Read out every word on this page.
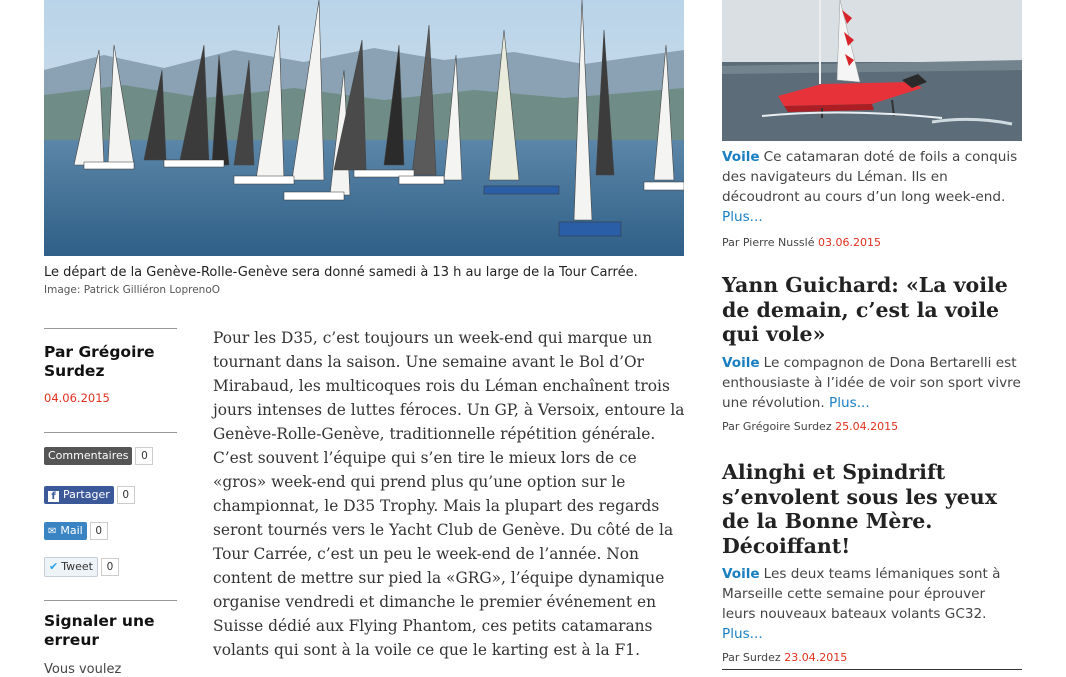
Le départ de la Genève-Rolle-Genève sera donné samedi à 13 h au large de la Tour Carrée.
Image: Patrick Gilliéron LoprenoO
Par Grégoire Surdez
04.06.2015
Commentaires 0
f Partager 0
✉ Mail 0
✔ Tweet 0
Signaler une erreur
Vous voulez

Pour les D35, c’est toujours un week-end qui marque un tournant dans la saison. Une semaine avant le Bol d’Or Mirabaud, les multicoques rois du Léman enchaînent trois jours intenses de luttes féroces. Un GP, à Versoix, entoure la Genève-Rolle-Genève, traditionnelle répétition générale. C’est souvent l’équipe qui s’en tire le mieux lors de ce «gros» week-end qui prend plus qu’une option sur le championnat, le D35 Trophy. Mais la plupart des regards seront tournés vers le Yacht Club de Genève. Du côté de la Tour Carrée, c’est un peu le week-end de l’année. Non content de mettre sur pied la «GRG», l’équipe dynamique organise vendredi et dimanche le premier événement en Suisse dédié aux Flying Phantom, ces petits catamarans volants qui sont à la voile ce que le karting est à la F1.

Voile Ce catamaran doté de foils a conquis des navigateurs du Léman. Ils en découdront au cours d’un long week-end.
Plus...

Par Pierre Nusslé 03.06.2015
Yann Guichard: «La voile de demain, c’est la voile qui vole»

Voile Le compagnon de Dona Bertarelli est enthousiaste à l’idée de voir son sport vivre une révolution. Plus...

Par Grégoire Surdez 25.04.2015
Alinghi et Spindrift s’envolent sous les yeux de la Bonne Mère. Décoiffant!

Voile Les deux teams lémaniques sont à Marseille cette semaine pour éprouver leurs nouveaux bateaux volants GC32.
Plus...

Par Surdez 23.04.2015
